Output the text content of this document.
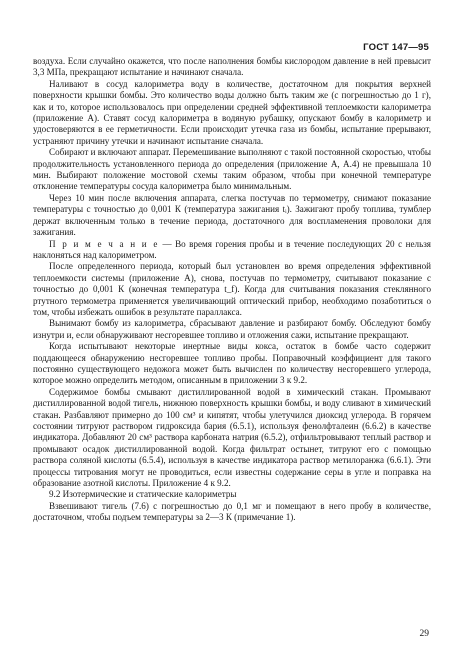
ГОСТ 147—95

воздуха. Если случайно окажется, что после наполнения бомбы кислородом давление в ней превысит 3,3 МПа, прекращают испытание и начинают сначала.

Наливают в сосуд калориметра воду в количестве, достаточном для покрытия верхней поверхности крышки бомбы. Это количество воды должно быть таким же (с погрешностью до 1 г), как и то, которое использовалось при определении средней эффективной теплоемкости калориметра (приложение А). Ставят сосуд калориметра в водяную рубашку, опускают бомбу в калориметр и удостоверяются в ее герметичности. Если происходит утечка газа из бомбы, испытание прерывают, устраняют причину утечки и начинают испытание сначала.

Собирают и включают аппарат. Перемешивание выполняют с такой постоянной скоростью, чтобы продолжительность установленного периода до определения (приложение А, А.4) не превышала 10 мин. Выбирают положение мостовой схемы таким образом, чтобы при конечной температуре отклонение температуры сосуда калориметра было минимальным.

Через 10 мин после включения аппарата, слегка постучав по термометру, снимают показание температуры с точностью до 0,001 К (температура зажигания tᵢ). Зажигают пробу топлива, тумблер держат включенным только в течение периода, достаточного для воспламенения проволоки для зажигания.

П р и м е ч а н и е — Во время горения пробы и в течение последующих 20 с нельзя наклоняться над калориметром.

После определенного периода, который был установлен во время определения эффективной теплоемкости системы (приложение А), снова, постучав по термометру, считывают показание с точностью до 0,001 К (конечная температура t_f). Когда для считывания показания стеклянного ртутного термометра применяется увеличивающий оптический прибор, необходимо позаботиться о том, чтобы избежать ошибок в результате параллакса.

Вынимают бомбу из калориметра, сбрасывают давление и разбирают бомбу. Обследуют бомбу изнутри и, если обнаруживают несгоревшее топливо и отложения сажи, испытание прекращают.

Когда испытывают некоторые инертные виды кокса, остаток в бомбе часто содержит поддающееся обнаружению несгоревшее топливо пробы. Поправочный коэффициент для такого постоянно существующего недожога может быть вычислен по количеству несгоревшего углерода, которое можно определить методом, описанным в приложении 3 к 9.2.

Содержимое бомбы смывают дистиллированной водой в химический стакан. Промывают дистиллированной водой тигель, нижнюю поверхность крышки бомбы, и воду сливают в химический стакан. Разбавляют примерно до 100 см³ и кипятят, чтобы улетучился диоксид углерода. В горячем состоянии титруют раствором гидроксида бария (6.5.1), используя фенолфталеин (6.6.2) в качестве индикатора. Добавляют 20 см³ раствора карбоната натрия (6.5.2), отфильтровывают теплый раствор и промывают осадок дистиллированной водой. Когда фильтрат остынет, титруют его с помощью раствора соляной кислоты (6.5.4), используя в качестве индикатора раствор метилоранжа (6.6.1). Эти процессы титрования могут не проводиться, если известны содержание серы в угле и поправка на образование азотной кислоты. Приложение 4 к 9.2.

9.2 Изотермические и статические калориметры

Взвешивают тигель (7.6) с погрешностью до 0,1 мг и помещают в него пробу в количестве, достаточном, чтобы подъем температуры за 2—3 К (примечание 1).

29
